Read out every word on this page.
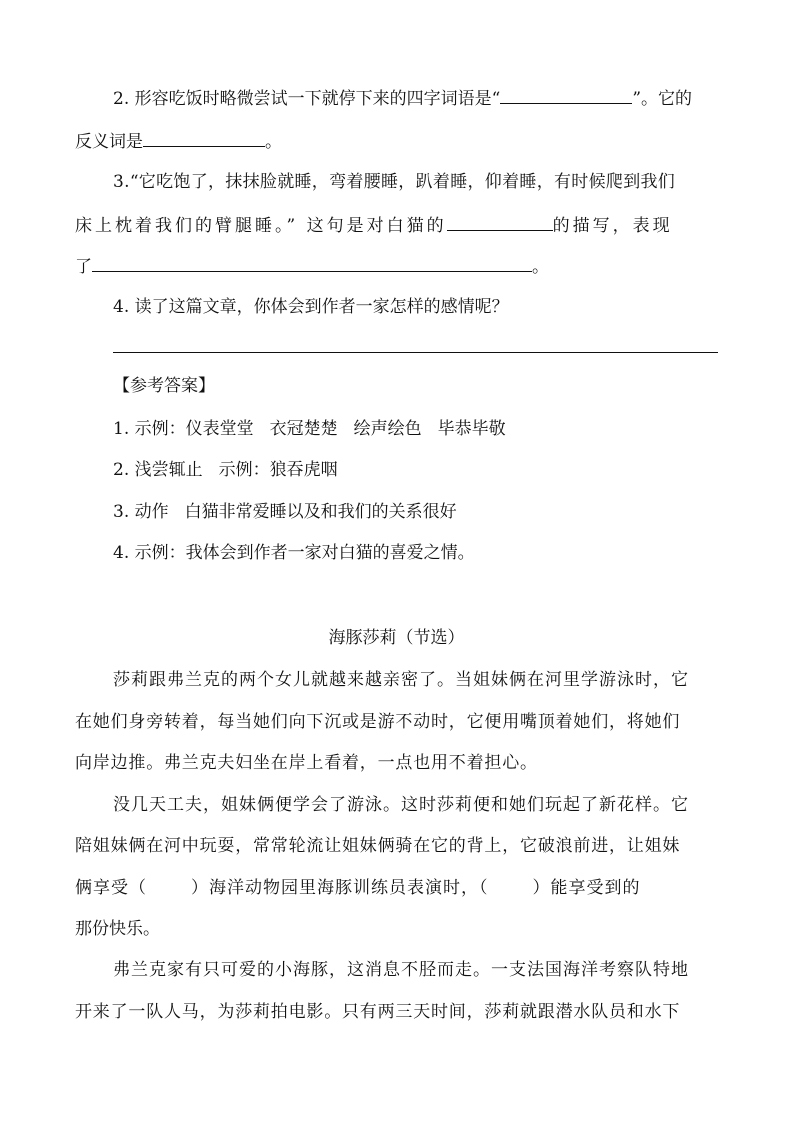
2. 形容吃饭时略微尝试一下就停下来的四字词语是“	”。它的
反义词是	。
3.“它吃饱了，抹抹脸就睡，弯着腰睡，趴着睡，仰着睡，有时候爬到我们
床上枕着我们的臂腿睡。” 这句是对白猫的	的描写，表现
了	。
4. 读了这篇文章，你体会到作者一家怎样的感情呢？
【参考答案】
1. 示例：仪表堂堂 衣冠楚楚 绘声绘色 毕恭毕敬
2. 浅尝辄止 示例：狼吞虎咽
3. 动作 白猫非常爱睡以及和我们的关系很好
4. 示例：我体会到作者一家对白猫的喜爱之情。
海豚莎莉（节选）
莎莉跟弗兰克的两个女儿就越来越亲密了。当姐妹俩在河里学游泳时，它
在她们身旁转着，每当她们向下沉或是游不动时，它便用嘴顶着她们，将她们
向岸边推。弗兰克夫妇坐在岸上看着，一点也用不着担心。
没几天工夫，姐妹俩便学会了游泳。这时莎莉便和她们玩起了新花样。它
陪姐妹俩在河中玩耍，常常轮流让姐妹俩骑在它的背上，它破浪前进，让姐妹
俩享受（	）海洋动物园里海豚训练员表演时，（	）能享受到的
那份快乐。
弗兰克家有只可爱的小海豚，这消息不胫而走。一支法国海洋考察队特地
开来了一队人马，为莎莉拍电影。只有两三天时间，莎莉就跟潜水队员和水下
